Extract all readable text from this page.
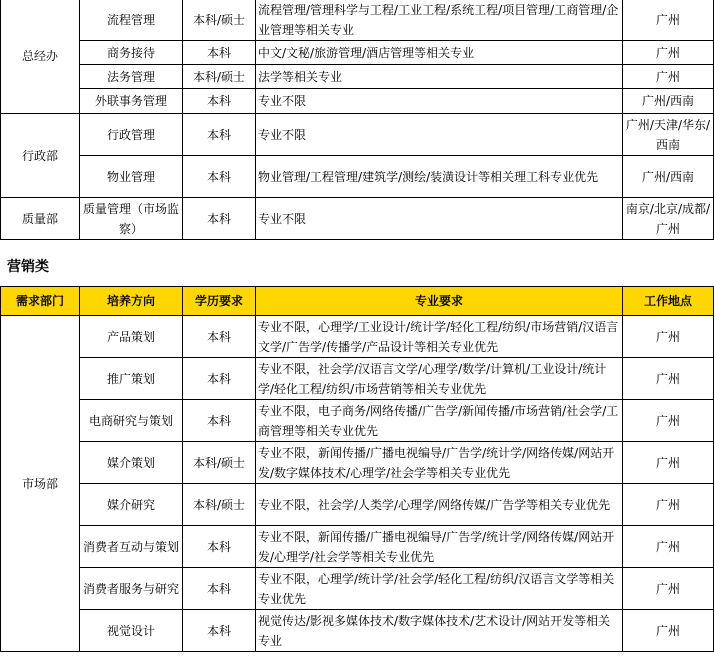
总经办	流程管理	本科/硕士	流程管理/管理科学与工程/工业工程/系统工程/项目管理/工商管理/企业管理等相关专业	广州
	商务接待	本科	中文/文秘/旅游管理/酒店管理等相关专业	广州
	法务管理	本科/硕士	法学等相关专业	广州
	外联事务管理	本科	专业不限	广州/西南
行政部	行政管理	本科	专业不限	广州/天津/华东/西南
	物业管理	本科	物业管理/工程管理/建筑学/测绘/装潢设计等相关理工科专业优先	广州/西南
质量部	质量管理（市场监察）	本科	专业不限	南京/北京/成都/广州
营销类
需求部门	培养方向	学历要求	专业要求	工作地点
市场部	产品策划	本科	专业不限，心理学/工业设计/统计学/轻化工程/纺织/市场营销/汉语言文学/广告学/传播学/产品设计等相关专业优先	广州
	推广策划	本科	专业不限，社会学/汉语言文学/心理学/数学/计算机/工业设计/统计学/轻化工程/纺织/市场营销等相关专业优先	广州
	电商研究与策划	本科	专业不限，电子商务/网络传播/广告学/新闻传播/市场营销/社会学/工商管理等相关专业优先	广州
	媒介策划	本科/硕士	专业不限，新闻传播/广播电视编导/广告学/统计学/网络传媒/网站开发/数字媒体技术/心理学/社会学等相关专业优先	广州
	媒介研究	本科/硕士	专业不限，社会学/人类学/心理学/网络传媒/广告学等相关专业优先	广州
	消费者互动与策划	本科	专业不限，新闻传播/广播电视编导/广告学/统计学/网络传媒/网站开发/心理学/社会学等相关专业优先	广州
	消费者服务与研究	本科	专业不限，心理学/统计学/社会学/轻化工程/纺织/汉语言文学等相关专业优先	广州
	视觉设计	本科	视觉传达/影视多媒体技术/数字媒体技术/艺术设计/网站开发等相关专业	广州
